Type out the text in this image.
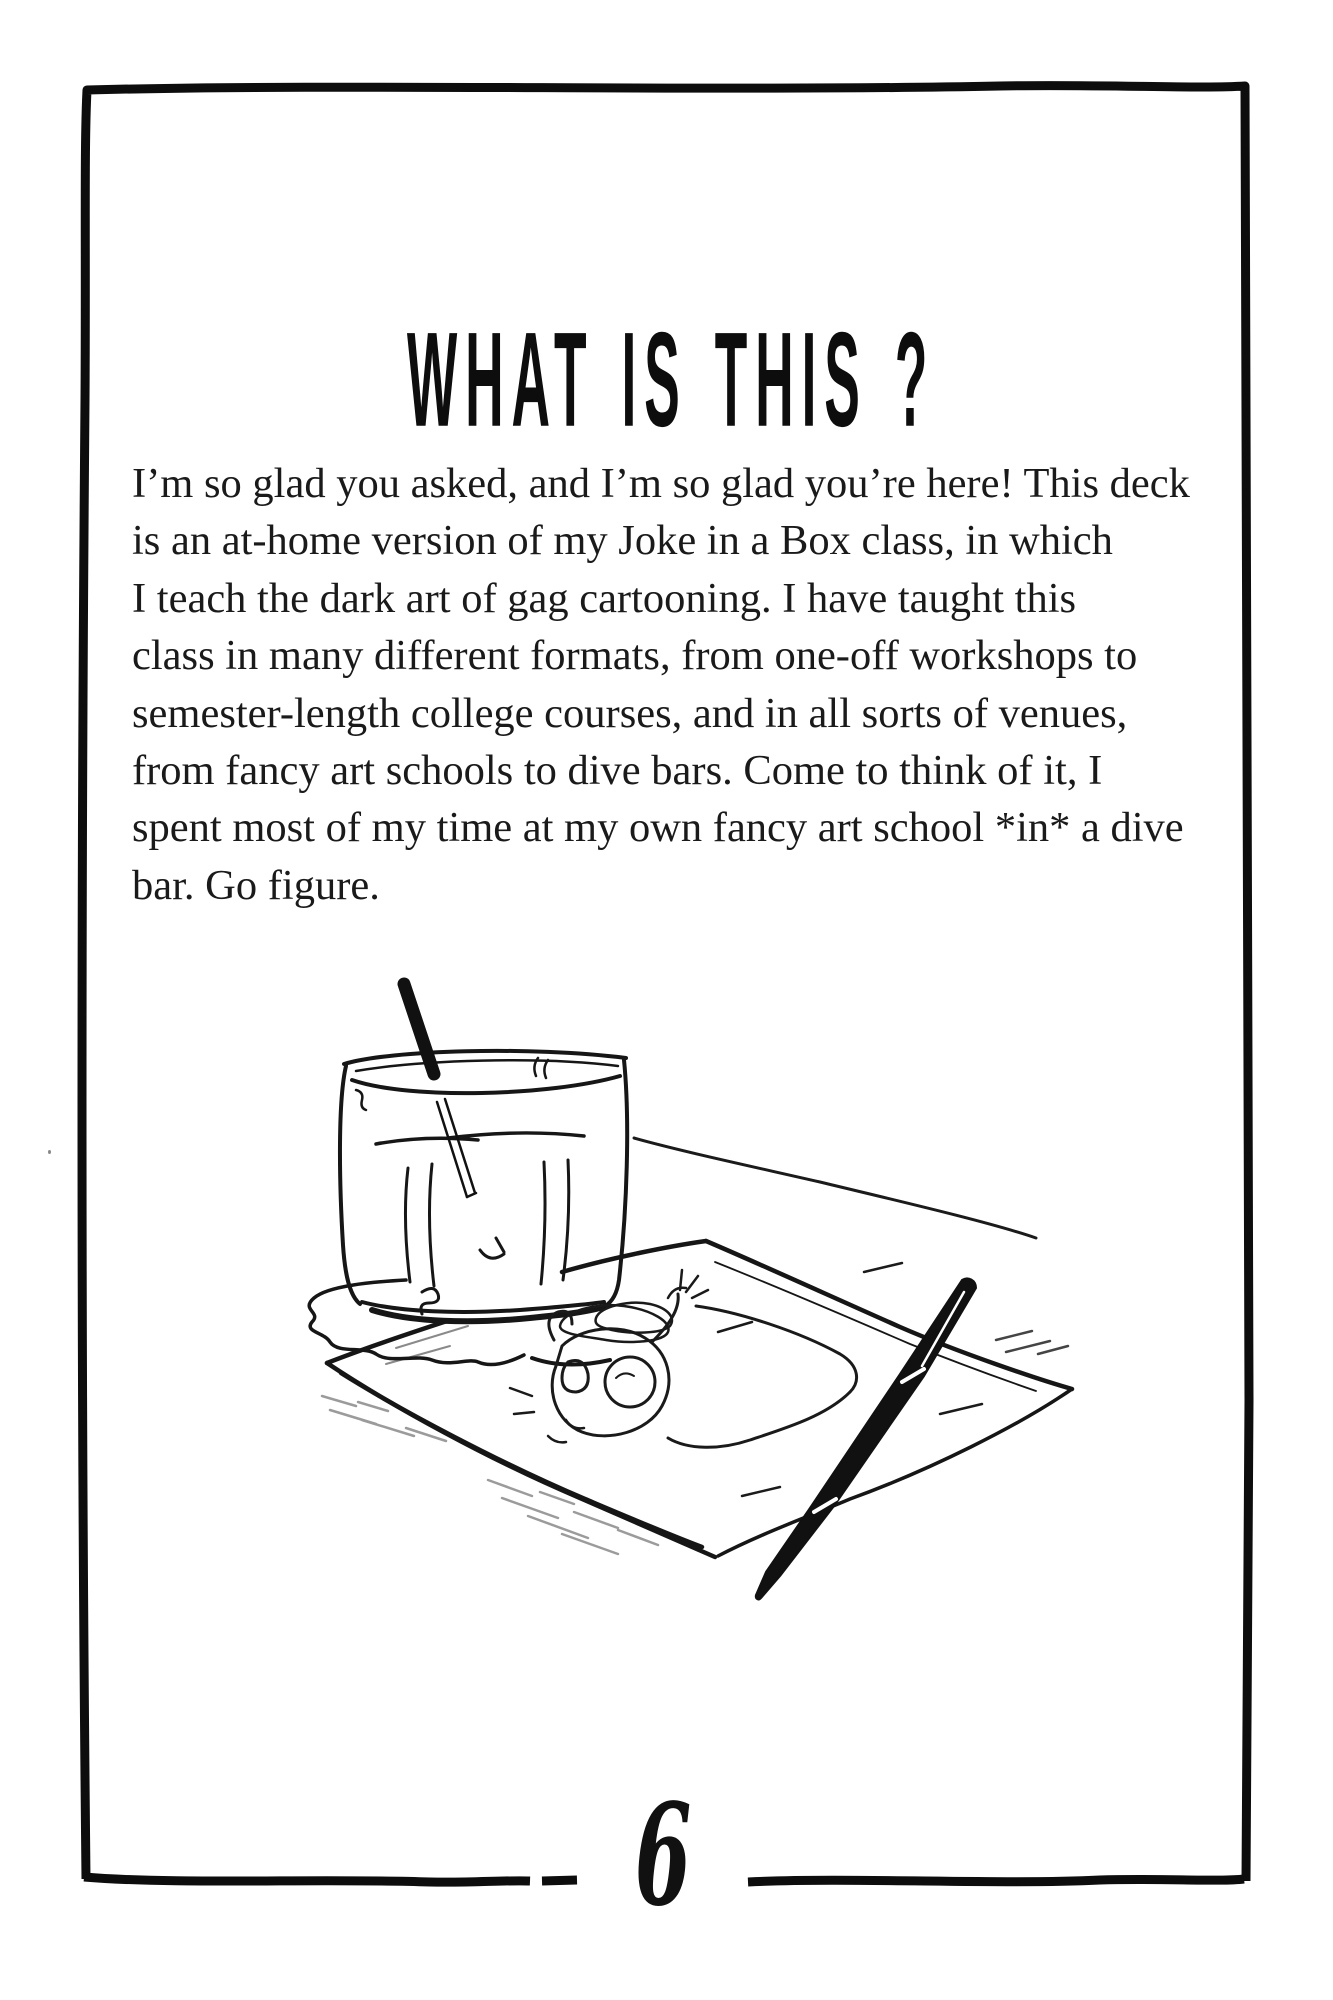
WHAT IS THIS ?
I’m so glad you asked, and I’m so glad you’re here! This deck
is an at-home version of my Joke in a Box class, in which
I teach the dark art of gag cartooning. I have taught this
class in many different formats, from one-off workshops to
semester-length college courses, and in all sorts of venues,
from fancy art schools to dive bars. Come to think of it, I
spent most of my time at my own fancy art school *in* a dive
bar. Go figure.
6
